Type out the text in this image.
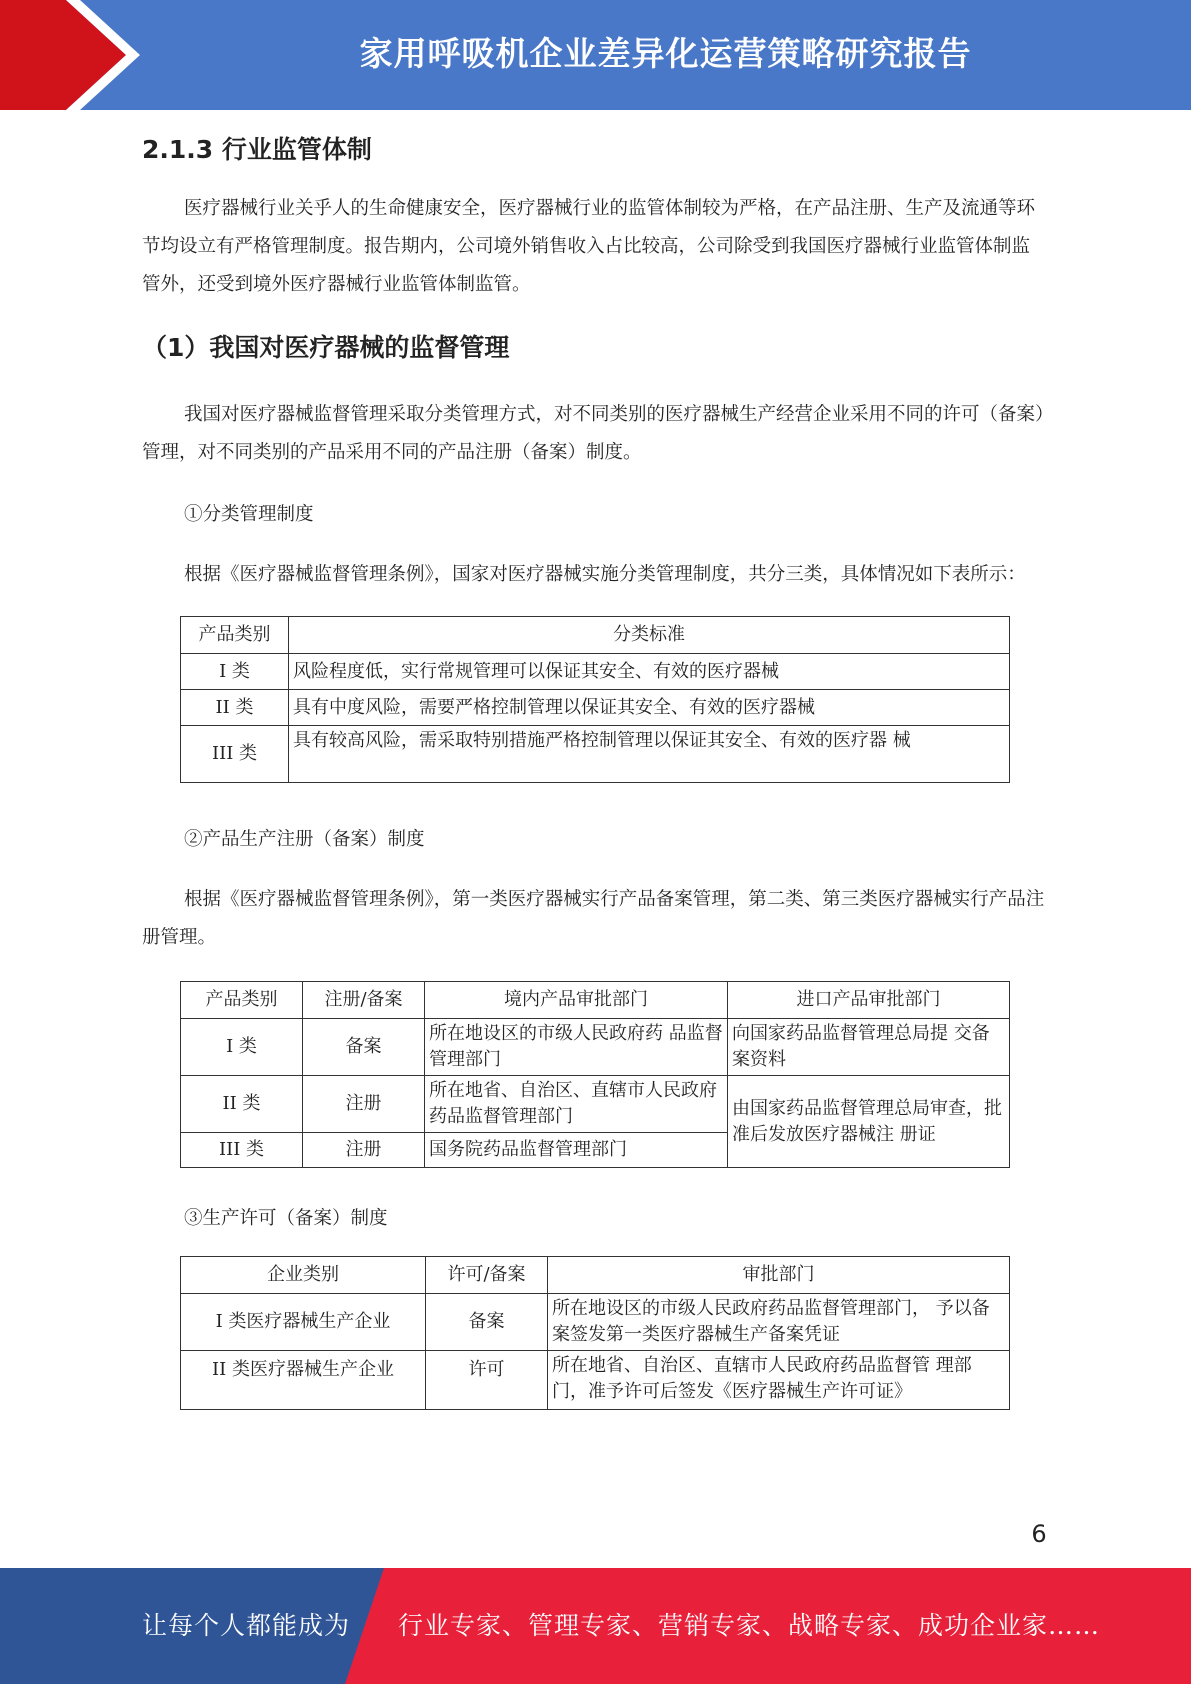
家用呼吸机企业差异化运营策略研究报告
2.1.3 行业监管体制

医疗器械行业关乎人的生命健康安全，医疗器械行业的监管体制较为严格，在产品注册、生产及流通等环节均设立有严格管理制度。报告期内，公司境外销售收入占比较高，公司除受到我国医疗器械行业监管体制监管外，还受到境外医疗器械行业监管体制监管。

（1）我国对医疗器械的监督管理

我国对医疗器械监督管理采取分类管理方式，对不同类别的医疗器械生产经营企业采用不同的许可（备案）管理，对不同类别的产品采用不同的产品注册（备案）制度。

①分类管理制度

根据《医疗器械监督管理条例》，国家对医疗器械实施分类管理制度，共分三类，具体情况如下表所示：

产品类别	分类标准
I 类	风险程度低，实行常规管理可以保证其安全、有效的医疗器械
II 类	具有中度风险，需要严格控制管理以保证其安全、有效的医疗器械
III 类	具有较高风险，需采取特别措施严格控制管理以保证其安全、有效的医疗器 械

②产品生产注册（备案）制度

根据《医疗器械监督管理条例》，第一类医疗器械实行产品备案管理，第二类、第三类医疗器械实行产品注册管理。

产品类别	注册/备案	境内产品审批部门	进口产品审批部门
I 类	备案	所在地设区的市级人民政府药 品监督管理部门	向国家药品监督管理总局提 交备案资料
II 类	注册	所在地省、自治区、直辖市人民政府药品监督管理部门	由国家药品监督管理总局审查，批准后发放医疗器械注 册证
III 类	注册	国务院药品监督管理部门	

③生产许可（备案）制度

企业类别	许可/备案	审批部门
I 类医疗器械生产企业	备案	所在地设区的市级人民政府药品监督管理部门， 予以备案签发第一类医疗器械生产备案凭证
II 类医疗器械生产企业	许可	所在地省、自治区、直辖市人民政府药品监督管 理部门，准予许可后签发《医疗器械生产许可证》
6
让每个人都能成为 行业专家、管理专家、营销专家、战略专家、成功企业家……
